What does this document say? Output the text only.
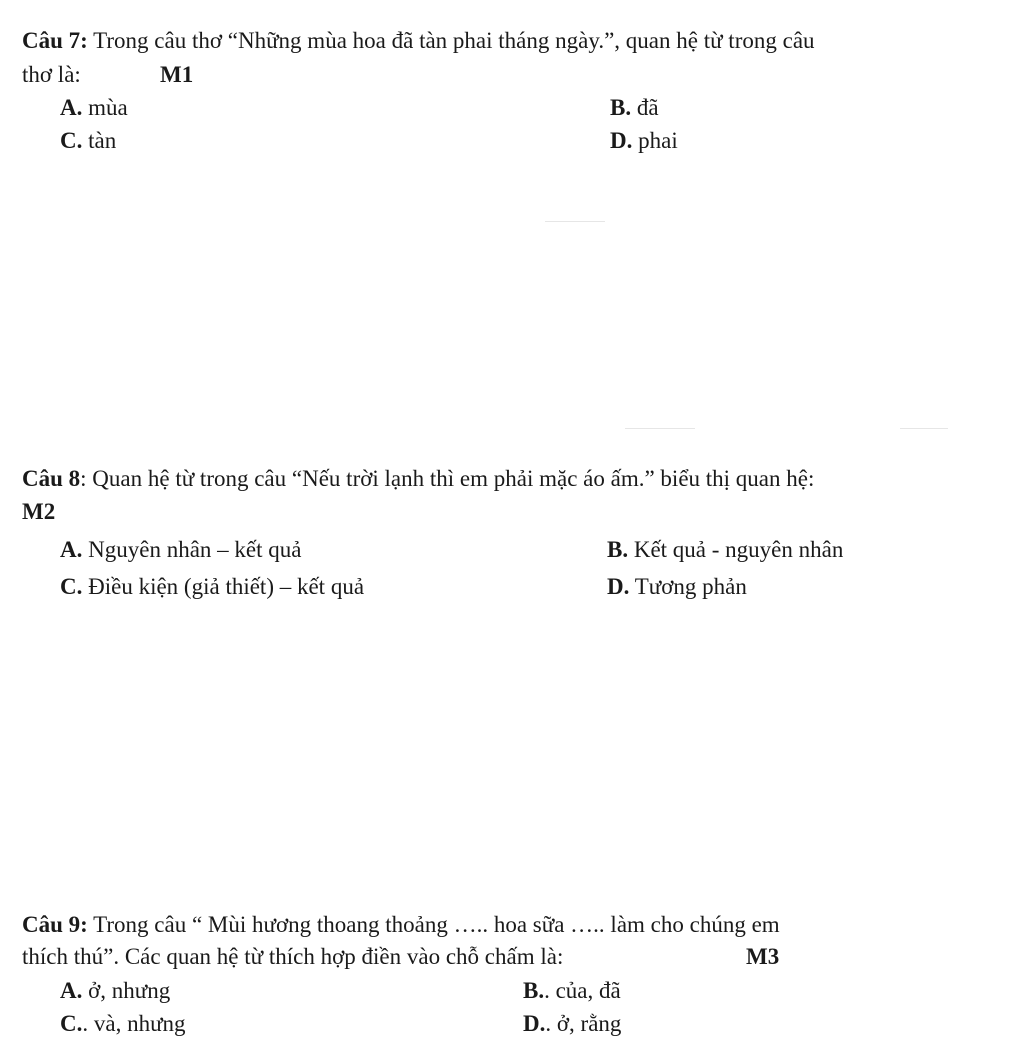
Câu 7: Trong câu thơ “Những mùa hoa đã tàn phai tháng ngày.”, quan hệ từ trong câu
thơ là:	M1
A. mùa	B. đã
C. tàn	D. phai
Câu 8: Quan hệ từ trong câu “Nếu trời lạnh thì em phải mặc áo ấm.” biểu thị quan hệ:
M2
A. Nguyên nhân – kết quả	B. Kết quả - nguyên nhân
C. Điều kiện (giả thiết) – kết quả	D. Tương phản
Câu 9: Trong câu “ Mùi hương thoang thoảng ….. hoa sữa ….. làm cho chúng em
thích thú”. Các quan hệ từ thích hợp điền vào chỗ chấm là:	M3
A. ở, nhưng	B.. của, đã
C.. và, nhưng	D.. ở, rằng
